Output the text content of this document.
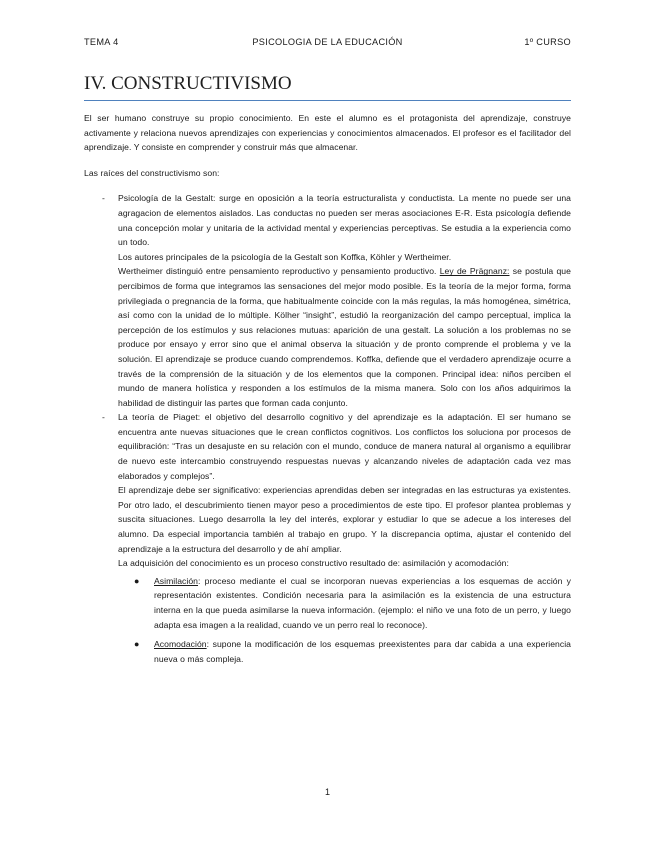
TEMA 4	PSICOLOGIA DE LA EDUCACIÓN	1º CURSO
IV. CONSTRUCTIVISMO

El ser humano construye su propio conocimiento. En este el alumno es el protagonista del aprendizaje, construye activamente y relaciona nuevos aprendizajes con experiencias y conocimientos almacenados. El profesor es el facilitador del aprendizaje. Y consiste en comprender y construir más que almacenar.

Las raíces del constructivismo son:

- Psicología de la Gestalt: surge en oposición a la teoría estructuralista y conductista. La mente no puede ser una agragacion de elementos aislados. Las conductas no pueden ser meras asociaciones E-R. Esta psicología defiende una concepción molar y unitaria de la actividad mental y experiencias perceptivas. Se estudia a la experiencia como un todo.

Los autores principales de la psicología de la Gestalt son Koffka, Köhler y Wertheimer.

Wertheimer distinguió entre pensamiento reproductivo y pensamiento productivo. Ley de Prägnanz: se postula que percibimos de forma que integramos las sensaciones del mejor modo posible. Es la teoría de la mejor forma, forma privilegiada o pregnancia de la forma, que habitualmente coincide con la más regulas, la más homogénea, simétrica, así como con la unidad de lo múltiple. Kölher “insight”, estudió la reorganización del campo perceptual, implica la percepción de los estímulos y sus relaciones mutuas: aparición de una gestalt. La solución a los problemas no se produce por ensayo y error sino que el animal observa la situación y de pronto comprende el problema y ve la solución. El aprendizaje se produce cuando comprendemos. Koffka, defiende que el verdadero aprendizaje ocurre a través de la comprensión de la situación y de los elementos que la componen. Principal idea: niños perciben el mundo de manera holística y responden a los estímulos de la misma manera. Solo con los años adquirimos la habilidad de distinguir las partes que forman cada conjunto.

- La teoría de Piaget: el objetivo del desarrollo cognitivo y del aprendizaje es la adaptación. El ser humano se encuentra ante nuevas situaciones que le crean conflictos cognitivos. Los conflictos los soluciona por procesos de equilibración: “Tras un desajuste en su relación con el mundo, conduce de manera natural al organismo a equilibrar de nuevo este intercambio construyendo respuestas nuevas y alcanzando niveles de adaptación cada vez mas elaborados y complejos”.

El aprendizaje debe ser significativo: experiencias aprendidas deben ser integradas en las estructuras ya existentes. Por otro lado, el descubrimiento tienen mayor peso a procedimientos de este tipo. El profesor plantea problemas y suscita situaciones. Luego desarrolla la ley del interés, explorar y estudiar lo que se adecue a los intereses del alumno. Da especial importancia también al trabajo en grupo. Y la discrepancia optima, ajustar el contenido del aprendizaje a la estructura del desarrollo y de ahí ampliar.

La adquisición del conocimiento es un proceso constructivo resultado de: asimilación y acomodación:

● Asimilación: proceso mediante el cual se incorporan nuevas experiencias a los esquemas de acción y representación existentes. Condición necesaria para la asimilación es la existencia de una estructura interna en la que pueda asimilarse la nueva información. (ejemplo: el niño ve una foto de un perro, y luego adapta esa imagen a la realidad, cuando ve un perro real lo reconoce).

● Acomodación: supone la modificación de los esquemas preexistentes para dar cabida a una experiencia nueva o más compleja.

1
